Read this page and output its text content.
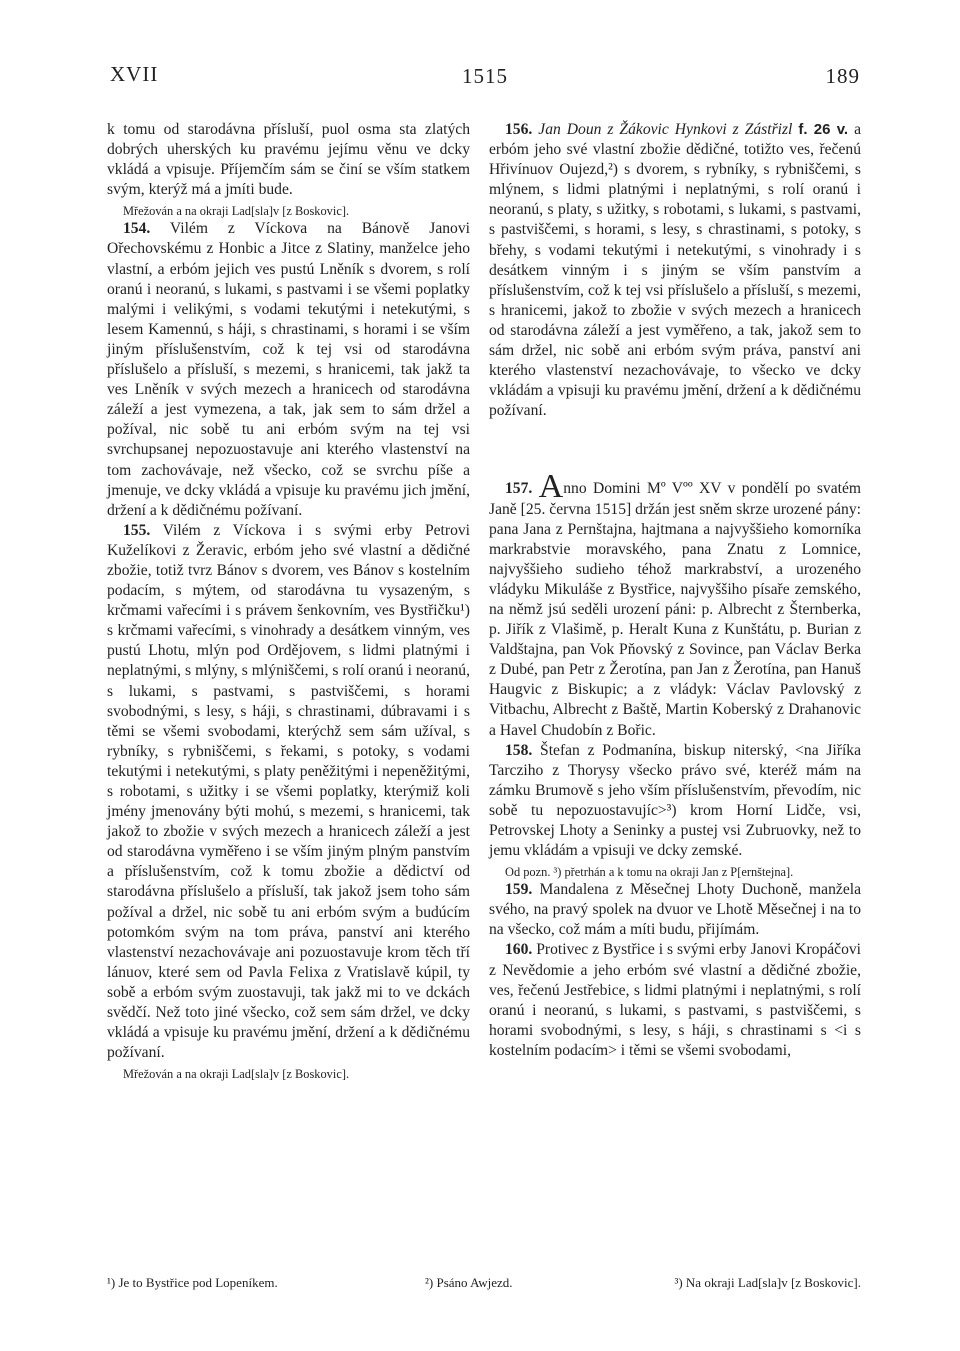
XVII	1515	189

k tomu od starodávna přísluší, puol osma sta zlatých dobrých uherských ku pravému jejímu věnu ve dcky vkládá a vpisuje. Příjemčím sám se činí se vším statkem svým, kterýž má a jmíti bude.

Mřežován a na okraji Lad[sla]v [z Boskovic].

154. Vilém z Víckova na Bánově Janovi Ořechovskému z Honbic a Jitce z Slatiny, manželce jeho vlastní, a erbóm jejich ves pustú Lněník s dvorem, s rolí oranú i neoranú, s lukami, s pastvami i se všemi poplatky malými i velikými, s vodami tekutými i netekutými, s lesem Kamennú, s háji, s chrastinami, s horami i se vším jiným příslušenstvím, což k tej vsi od starodávna příslušelo a přísluší, s mezemi, s hranicemi, tak jakž ta ves Lněník v svých mezech a hranicech od starodávna záleží a jest vymezena, a tak, jak sem to sám držel a požíval, nic sobě tu ani erbóm svým na tej vsi svrchupsanej nepozuostavuje ani kterého vlastenství na tom zachovávaje, než všecko, což se svrchu píše a jmenuje, ve dcky vkládá a vpisuje ku pravému jich jmění, držení a k dědičnému požívaní.

155. Vilém z Víckova i s svými erby Petrovi Kuželíkovi z Žeravic, erbóm jeho své vlastní a dědičné zbožie, totiž tvrz Bánov s dvorem, ves Bánov s kostelním podacím, s mýtem, od starodávna tu vysazeným, s krčmami vařecími i s právem šenkovním, ves Bystřičku¹) s krčmami vařecími, s vinohrady a desátkem vinným, ves pustú Lhotu, mlýn pod Ordějovem, s lidmi platnými i neplatnými, s mlýny, s mlýniščemi, s rolí oranú i neoranú, s lukami, s pastvami, s pastviščemi, s horami svobodnými, s lesy, s háji, s chrastinami, dúbravami i s těmi se všemi svobodami, kterýchž sem sám užíval, s rybníky, s rybniščemi, s řekami, s potoky, s vodami tekutými i netekutými, s platy peněžitými i nepeněžitými, s robotami, s užitky i se všemi poplatky, kterýmiž koli jmény jmenovány býti mohú, s mezemi, s hranicemi, tak jakož to zbožie v svých mezech a hranicech záleží a jest od starodávna vyměřeno i se vším jiným plným panstvím a příslušenstvím, což k tomu zbožie a dědictví od starodávna příslušelo a přísluší, tak jakož jsem toho sám požíval a držel, nic sobě tu ani erbóm svým a budúcím potomkóm svým na tom práva, panství ani kterého vlastenství nezachovávaje ani pozuostavuje krom těch tří lánuov, které sem od Pavla Felixa z Vratislavě kúpil, ty sobě a erbóm svým zuostavuji, tak jakž mi to ve dckách svědčí. Než toto jiné všecko, což sem sám držel, ve dcky vkládá a vpisuje ku pravému jmění, držení a k dědičnému požívaní.

Mřežován a na okraji Lad[sla]v [z Boskovic].

156. Jan Doun z Žákovic Hynkovi z Zástřizl f. 26 v. a erbóm jeho své vlastní zbožie dědičné, totižto ves, řečenú Hřivínuov Oujezd,²) s dvorem, s rybníky, s rybniščemi, s mlýnem, s lidmi platnými i neplatnými, s rolí oranú i neoranú, s platy, s užitky, s robotami, s lukami, s pastvami, s pastviščemi, s horami, s lesy, s chrastinami, s potoky, s břehy, s vodami tekutými i netekutými, s vinohrady i s desátkem vinným i s jiným se vším panstvím a příslušenstvím, což k tej vsi příslušelo a přísluší, s mezemi, s hranicemi, jakož to zbožie v svých mezech a hranicech od starodávna záleží a jest vyměřeno, a tak, jakož sem to sám držel, nic sobě ani erbóm svým práva, panství ani kterého vlastenství nezachovávaje, to všecko ve dcky vkládám a vpisuji ku pravému jmění, držení a k dědičnému požívaní.

157. Anno Domini Mº Vºº XV v pondělí po svatém Janě [25. června 1515] držán jest sněm skrze urozené pány: pana Jana z Pernštajna, hajtmana a najvyššieho komorníka markrabstvie moravského, pana Znatu z Lomnice, najvyššieho sudieho téhož markrabství, a urozeného vládyku Mikuláše z Bystřice, najvyššiho písaře zemského, na němž jsú seděli urození páni: p. Albrecht z Šternberka, p. Jiřík z Vlašimě, p. Heralt Kuna z Kunštátu, p. Burian z Valdštajna, pan Vok Pňovský z Sovince, pan Václav Berka z Dubé, pan Petr z Žerotína, pan Jan z Žerotína, pan Hanuš Haugvic z Biskupic; a z vládyk: Václav Pavlovský z Vitbachu, Albrecht z Baště, Martin Koberský z Drahanovic a Havel Chudobín z Bořic.

158. Štefan z Podmanína, biskup niterský, <na Jiříka Tarcziho z Thorysy všecko právo své, kteréž mám na zámku Brumově s jeho vším příslušenstvím, převodím, nic sobě tu nepozuostavujíc>³) krom Horní Lidče, vsi, Petrovskej Lhoty a Seninky a pustej vsi Zubruovky, než to jemu vkládám a vpisuji ve dcky zemské.

Od pozn. ³) přetrhán a k tomu na okraji Jan z P[ernštejna].

159. Mandalena z Měsečnej Lhoty Duchoně, manžela svého, na pravý spolek na dvuor ve Lhotě Měsečnej i na to na všecko, což mám a míti budu, přijímám.

160. Protivec z Bystřice i s svými erby Janovi Kropáčovi z Nevědomie a jeho erbóm své vlastní a dědičné zbožie, ves, řečenú Jestřebice, s lidmi platnými i neplatnými, s rolí oranú i neoranú, s lukami, s pastvami, s pastviščemi, s horami svobodnými, s lesy, s háji, s chrastinami s <i s kostelním podacím> i těmi se všemi svobodami,

¹) Je to Bystřice pod Lopeníkem.	²) Psáno Awjezd.	³) Na okraji Lad[sla]v [z Boskovic].
